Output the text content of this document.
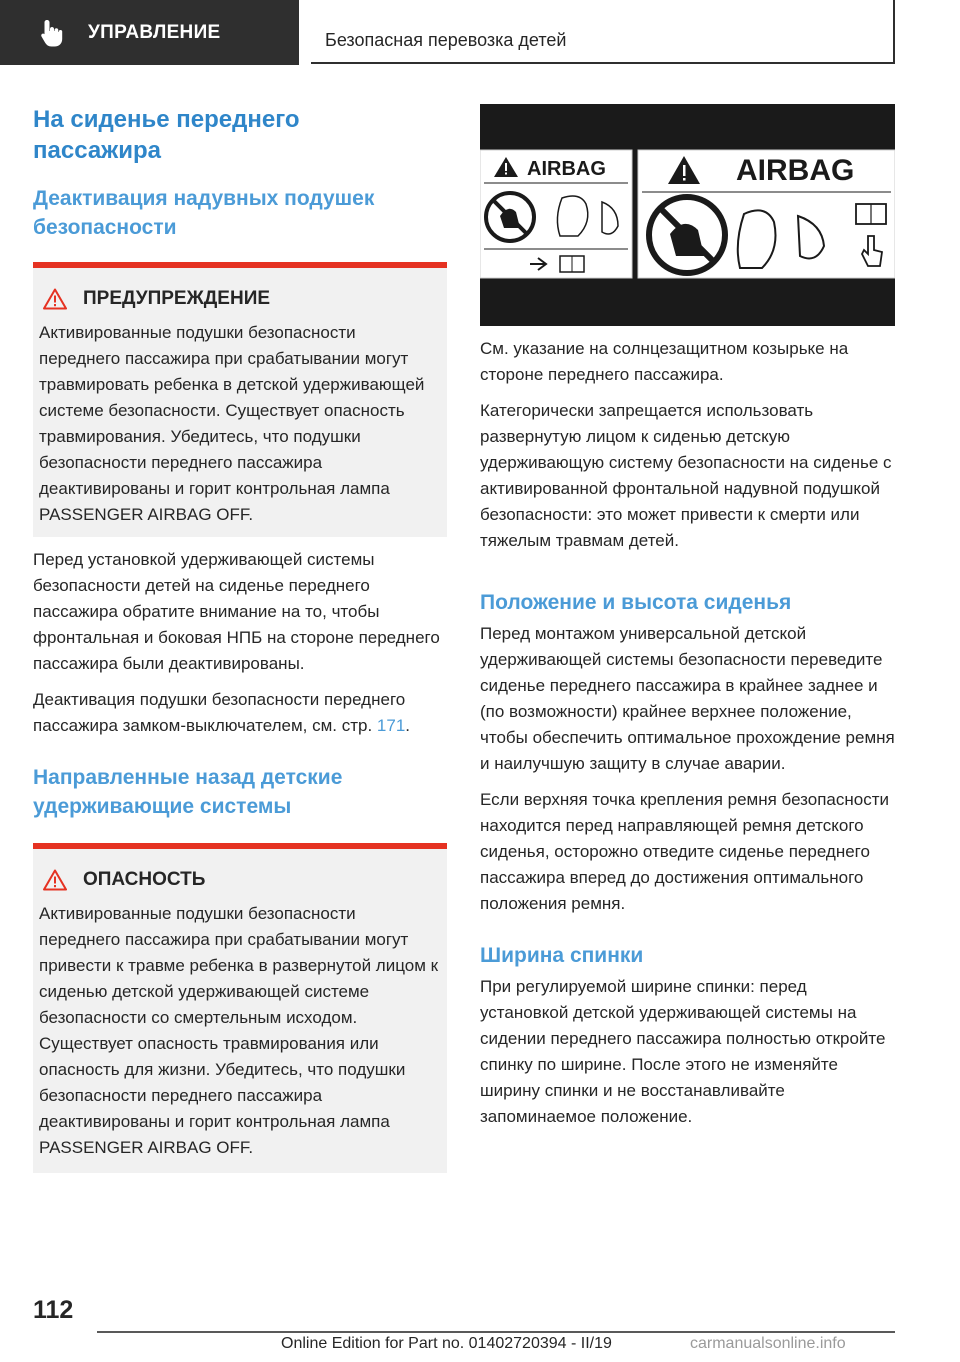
УПРАВЛЕНИЕ	Безопасная перевозка детей
На сиденье переднего пассажира
Деактивация надувных подушек безопасности
ПРЕДУПРЕЖДЕНИЕ

Активированные подушки безопасности переднего пассажира при срабатывании могут травмировать ребенка в детской удерживающей системе безопасности. Существует опасность травмирования. Убедитесь, что подушки безопасности переднего пассажира деактивированы и горит контрольная лампа PASSENGER AIRBAG OFF.

Перед установкой удерживающей системы безопасности детей на сиденье переднего пассажира обратите внимание на то, чтобы фронтальная и боковая НПБ на стороне переднего пассажира были деактивированы.

Деактивация подушки безопасности переднего пассажира замком-выключателем, см. стр. 171.

Направленные назад детские удерживающие системы
ОПАСНОСТЬ

Активированные подушки безопасности переднего пассажира при срабатывании могут привести к травме ребенка в развернутой лицом к сиденью детской удерживающей системе безопасности со смертельным исходом. Существует опасность травмирования или опасность для жизни. Убедитесь, что подушки безопасности переднего пассажира деактивированы и горит контрольная лампа PASSENGER AIRBAG OFF.

AIRBAG	AIRBAG

См. указание на солнцезащитном козырьке на стороне переднего пассажира.

Категорически запрещается использовать развернутую лицом к сиденью детскую удерживающую систему безопасности на сиденье с активированной фронтальной надувной подушкой безопасности: это может привести к смерти или тяжелым травмам детей.

Положение и высота сиденья

Перед монтажом универсальной детской удерживающей системы безопасности переведите сиденье переднего пассажира в крайнее заднее и (по возможности) крайнее верхнее положение, чтобы обеспечить оптимальное прохождение ремня и наилучшую защиту в случае аварии.

Если верхняя точка крепления ремня безопасности находится перед направляющей ремня детского сиденья, осторожно отведите сиденье переднего пассажира вперед до достижения оптимального положения ремня.

Ширина спинки

При регулируемой ширине спинки: перед установкой детской удерживающей системы на сидении переднего пассажира полностью откройте спинку по ширине. После этого не изменяйте ширину спинки и не восстанавливайте запоминаемое положение.

112
Online Edition for Part no. 01402720394 - II/19	carmanualsonline.info
